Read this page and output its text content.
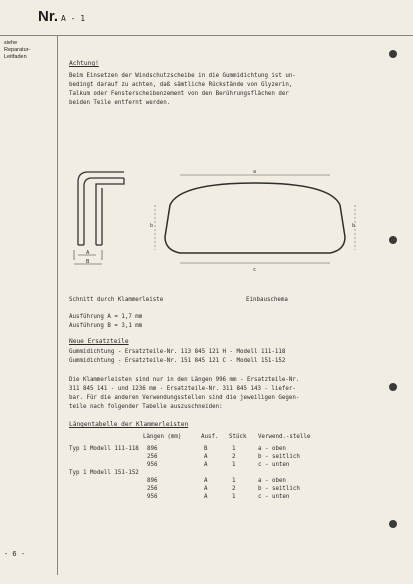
Nr. A - 1
siehe
Reparatur-
Leitfaden
Achtung!
Beim Einsetzen der Windschutzscheibe in die Gummidichtung ist un-
bedingt darauf zu achten, daß sämtliche Rückstände von Glyzerin,
Talkum oder Fensterscheibenzement von den Berührungsflächen der
beiden Teile entfernt werden.
A
B
a
b	b
c
Schnitt durch Klammerleiste	Einbauschema
Ausführung A = 1,7 mm
Ausführung B = 3,1 mm
Neue Ersatzteile
Gummidichtung - Ersatzteile-Nr. 113 845 121 H - Modell 111-118
Gummidichtung - Ersatzteile-Nr. 151 845 121 C - Modell 151-152
Die Klammerleisten sind nur in den Längen 996 mm - Ersatzteile-Nr.
311 845 141 - und 1236 mm - Ersatzteile-Nr. 311 845 143 - liefer-
bar. Für die anderen Verwendungsstellen sind die jeweiligen Gegen-
teile nach folgender Tabelle auszuschneiden:
Längentabelle der Klammerleisten
	Längen (mm)	Ausf.	Stück	Verwend.-stelle

Typ 1 Modell 111-118	896	B	1	a - oben
	256	A	2	b - seitlich
	956	A	1	c - unten
Typ 1 Modell 151-152				
	896	A	1	a - oben
	256	A	2	b - seitlich
	956	A	1	c - unten
- 6 -
